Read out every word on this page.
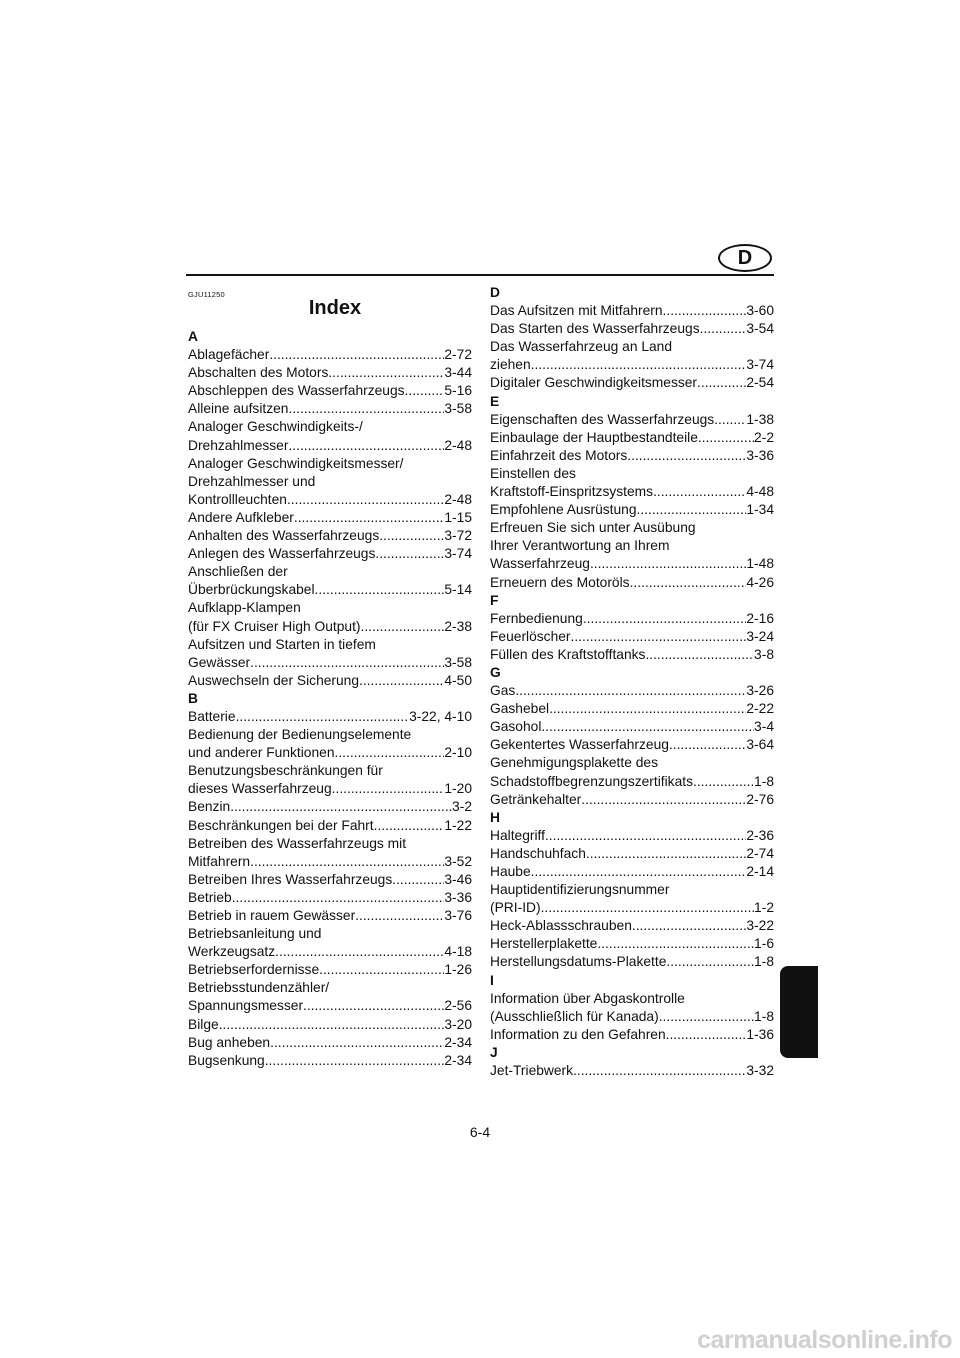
D
GJU11250
Index
A
Ablagefächer .....	2-72
Abschalten des Motors .....	3-44
Abschleppen des Wasserfahrzeugs .....	5-16
Alleine aufsitzen .....	3-58
Analoger Geschwindigkeits-/
Drehzahlmesser .....	2-48
Analoger Geschwindigkeitsmesser/
Drehzahlmesser und
Kontrollleuchten .....	2-48
Andere Aufkleber .....	1-15
Anhalten des Wasserfahrzeugs .....	3-72
Anlegen des Wasserfahrzeugs .....	3-74
Anschließen der
Überbrückungskabel .....	5-14
Aufklapp-Klampen
(für FX Cruiser High Output) .....	2-38
Aufsitzen und Starten in tiefem
Gewässer .....	3-58
Auswechseln der Sicherung .....	4-50
B
Batterie .....	3-22, 4-10
Bedienung der Bedienungselemente
und anderer Funktionen .....	2-10
Benutzungsbeschränkungen für
dieses Wasserfahrzeug .....	1-20
Benzin .....	3-2
Beschränkungen bei der Fahrt .....	1-22
Betreiben des Wasserfahrzeugs mit
Mitfahrern .....	3-52
Betreiben Ihres Wasserfahrzeugs .....	3-46
Betrieb .....	3-36
Betrieb in rauem Gewässer .....	3-76
Betriebsanleitung und
Werkzeugsatz .....	4-18
Betriebserfordernisse .....	1-26
Betriebsstundenzähler/
Spannungsmesser .....	2-56
Bilge .....	3-20
Bug anheben .....	2-34
Bugsenkung .....	2-34
D
Das Aufsitzen mit Mitfahrern .....	3-60
Das Starten des Wasserfahrzeugs .....	3-54
Das Wasserfahrzeug an Land
ziehen .....	3-74
Digitaler Geschwindigkeitsmesser .....	2-54
E
Eigenschaften des Wasserfahrzeugs ..... 1-38
Einbaulage der Hauptbestandteile .....	2-2
Einfahrzeit des Motors .....	3-36
Einstellen des
Kraftstoff-Einspritzsystems .....	4-48
Empfohlene Ausrüstung .....	1-34
Erfreuen Sie sich unter Ausübung
Ihrer Verantwortung an Ihrem
Wasserfahrzeug .....	1-48
Erneuern des Motoröls .....	4-26
F
Fernbedienung .....	2-16
Feuerlöscher .....	3-24
Füllen des Kraftstofftanks .....	3-8
G
Gas .....	3-26
Gashebel .....	2-22
Gasohol .....	3-4
Gekentertes Wasserfahrzeug .....	3-64
Genehmigungsplakette des
Schadstoffbegrenzungszertifikats .....	1-8
Getränkehalter .....	2-76
H
Haltegriff .....	2-36
Handschuhfach .....	2-74
Haube .....	2-14
Hauptidentifizierungsnummer
(PRI-ID) .....	1-2
Heck-Ablassschrauben .....	3-22
Herstellerplakette .....	1-6
Herstellungsdatums-Plakette .....	1-8
I
Information über Abgaskontrolle
(Ausschließlich für Kanada) .....	1-8
Information zu den Gefahren .....	1-36
J
Jet-Triebwerk .....	3-32
6-4
carmanualsonline.info
